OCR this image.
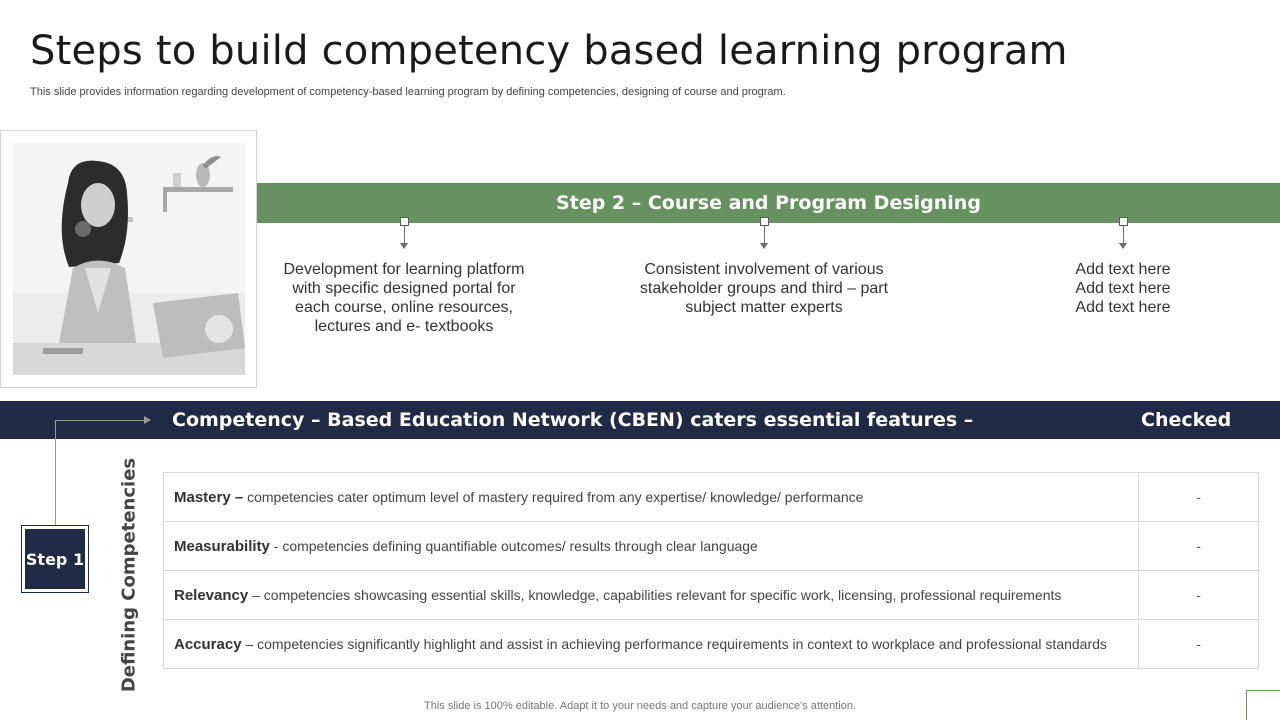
Steps to build competency based learning program
This slide provides information regarding development of competency-based learning program by defining competencies, designing of course and program.
Step 2 – Course and Program Designing
Development for learning platform with specific designed portal for each course, online resources, lectures and e- textbooks
Consistent involvement of various stakeholder groups and third – part subject matter experts
Add text here
Add text here
Add text here
Competency – Based Education Network (CBEN) caters essential features –	Checked
Step 1 Defining Competencies Mastery – competencies cater optimum level of mastery required from any expertise/ knowledge/ performance	-
Measurability - competencies defining quantifiable outcomes/ results through clear language	-
Relevancy – competencies showcasing essential skills, knowledge, capabilities relevant for specific work, licensing, professional requirements	-
Accuracy – competencies significantly highlight and assist in achieving performance requirements in context to workplace and professional standards	-
This slide is 100% editable. Adapt it to your needs and capture your audience's attention.
